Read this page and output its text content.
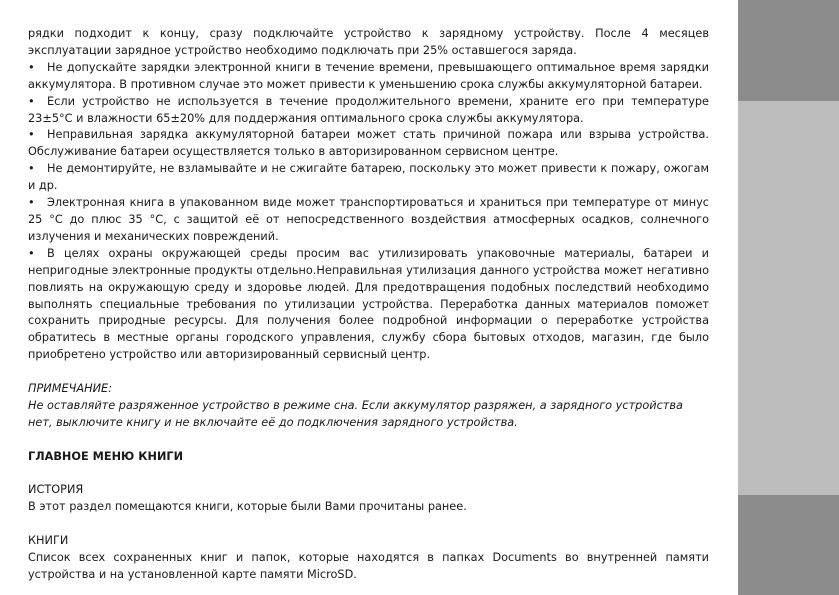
рядки подходит к концу, сразу подключайте устройство к зарядному устройству. После 4 месяцев эксплуатации зарядное устройство необходимо подключать при 25% оставшегося заряда.

• Не допускайте зарядки электронной книги в течение времени, превышающего оптимальное время зарядки аккумулятора. В противном случае это может привести к уменьшению срока службы аккумуляторной батареи.

• Если устройство не используется в течение продолжительного времени, храните его при температуре 23±5°С и влажности 65±20% для поддержания оптимального срока службы аккумулятора.

• Неправильная зарядка аккумуляторной батареи может стать причиной пожара или взрыва устройства. Обслуживание батареи осуществляется только в авторизированном сервисном центре.

• Не демонтируйте, не взламывайте и не сжигайте батарею, поскольку это может привести к пожару, ожогам и др.

• Электронная книга в упакованном виде может транспортироваться и храниться при температуре от минус 25 °С до плюс 35 °С, с защитой её от непосредственного воздействия атмосферных осадков, солнечного излучения и механических повреждений.

• В целях охраны окружающей среды просим вас утилизировать упаковочные материалы, батареи и непригодные электронные продукты отдельно.Неправильная утилизация данного устройства может негативно повлиять на окружающую среду и здоровье людей. Для предотвращения подобных последствий необходимо выполнять специальные требования по утилизации устройства. Переработка данных материалов поможет сохранить природные ресурсы. Для получения более подробной информации о переработке устройства обратитесь в местные органы городского управления, службу сбора бытовых отходов, магазин, где было приобретено устройство или авторизированный сервисный центр.

ПРИМЕЧАНИЕ:

Не оставляйте разряженное устройство в режиме сна. Если аккумулятор разряжен, а зарядного устройства нет, выключите книгу и не включайте её до подключения зарядного устройства.

ГЛАВНОЕ МЕНЮ КНИГИ

ИСТОРИЯ

В этот раздел помещаются книги, которые были Вами прочитаны ранее.

КНИГИ

Список всех сохраненных книг и папок, которые находятся в папках Documents во внутренней памяти устройства и на установленной карте памяти MicroSD.
